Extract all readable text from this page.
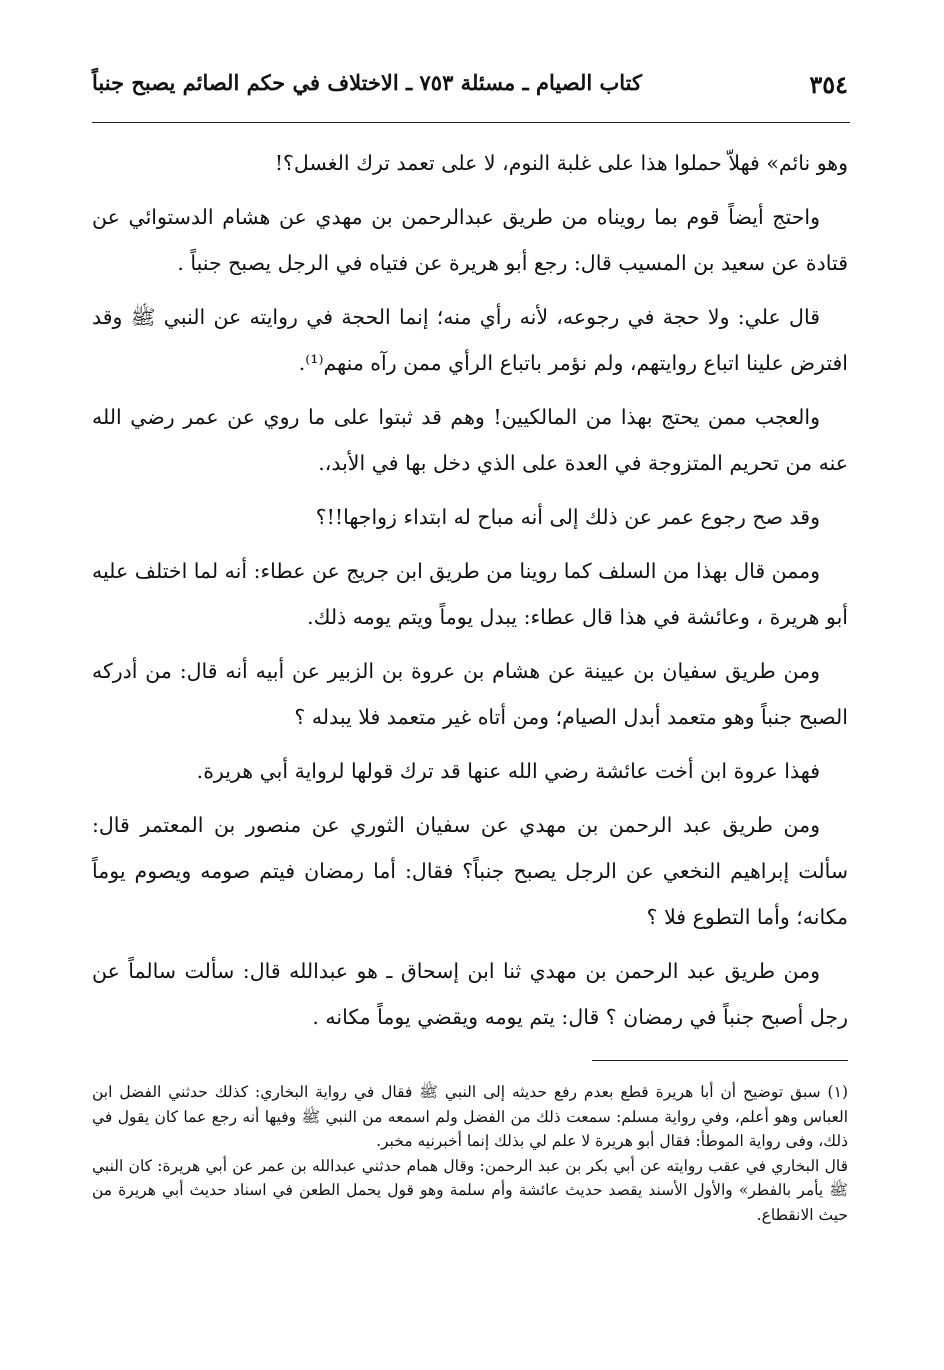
٣٥٤
كتاب الصيام ـ مسئلة ٧٥٣ ـ الاختلاف في حكم الصائم يصبح جنباً

وهو نائم» فهلاّ حملوا هذا على غلبة النوم، لا على تعمد ترك الغسل؟!

واحتج أيضاً قوم بما رويناه من طريق عبدالرحمن بن مهدي عن هشام الدستوائي عن قتادة عن سعيد بن المسيب قال: رجع أبو هريرة عن فتياه في الرجل يصبح جنباً .

قال علي: ولا حجة في رجوعه، لأنه رأي منه؛ إنما الحجة في روايته عن النبي ﷺ وقد افترض علينا اتباع روايتهم، ولم نؤمر باتباع الرأي ممن رآه منهم⁽¹⁾.

والعجب ممن يحتج بهذا من المالكيين! وهم قد ثبتوا على ما روي عن عمر رضي الله عنه من تحريم المتزوجة في العدة على الذي دخل بها في الأبد،.

وقد صح رجوع عمر عن ذلك إلى أنه مباح له ابتداء زواجها!!؟

وممن قال بهذا من السلف كما روينا من طريق ابن جريج عن عطاء: أنه لما اختلف عليه أبو هريرة ، وعائشة في هذا قال عطاء: يبدل يوماً ويتم يومه ذلك.

ومن طريق سفيان بن عيينة عن هشام بن عروة بن الزبير عن أبيه أنه قال: من أدركه الصبح جنباً وهو متعمد أبدل الصيام؛ ومن أتاه غير متعمد فلا يبدله ؟

فهذا عروة ابن أخت عائشة رضي الله عنها قد ترك قولها لرواية أبي هريرة.

ومن طريق عبد الرحمن بن مهدي عن سفيان الثوري عن منصور بن المعتمر قال: سألت إبراهيم النخعي عن الرجل يصبح جنباً؟ فقال: أما رمضان فيتم صومه ويصوم يوماً مكانه؛ وأما التطوع فلا ؟

ومن طريق عبد الرحمن بن مهدي ثنا ابن إسحاق ـ هو عبدالله قال: سألت سالماً عن رجل أصبح جنباً في رمضان ؟ قال: يتم يومه ويقضي يوماً مكانه .

(١) سبق توضيح أن أبا هريرة قطع بعدم رفع حديثه إلى النبي ﷺ فقال في رواية البخاري: كذلك حدثني الفضل ابن العباس وهو أعلم، وفي رواية مسلم: سمعت ذلك من الفضل ولم اسمعه من النبي ﷺ وفيها أنه رجع عما كان يقول في ذلك، وفى رواية الموطأ: فقال أبو هريرة لا علم لي بذلك إنما أخبرنيه مخبر.

قال البخاري في عقب روايته عن أبي بكر بن عبد الرحمن: وقال همام حدثني عبدالله بن عمر عن أبي هريرة: كان النبي ﷺ يأمر بالفطر» والأول الأسند يقصد حديث عائشة وأم سلمة وهو قول يحمل الطعن في اسناد حديث أبي هريرة من حيث الانقطاع.
